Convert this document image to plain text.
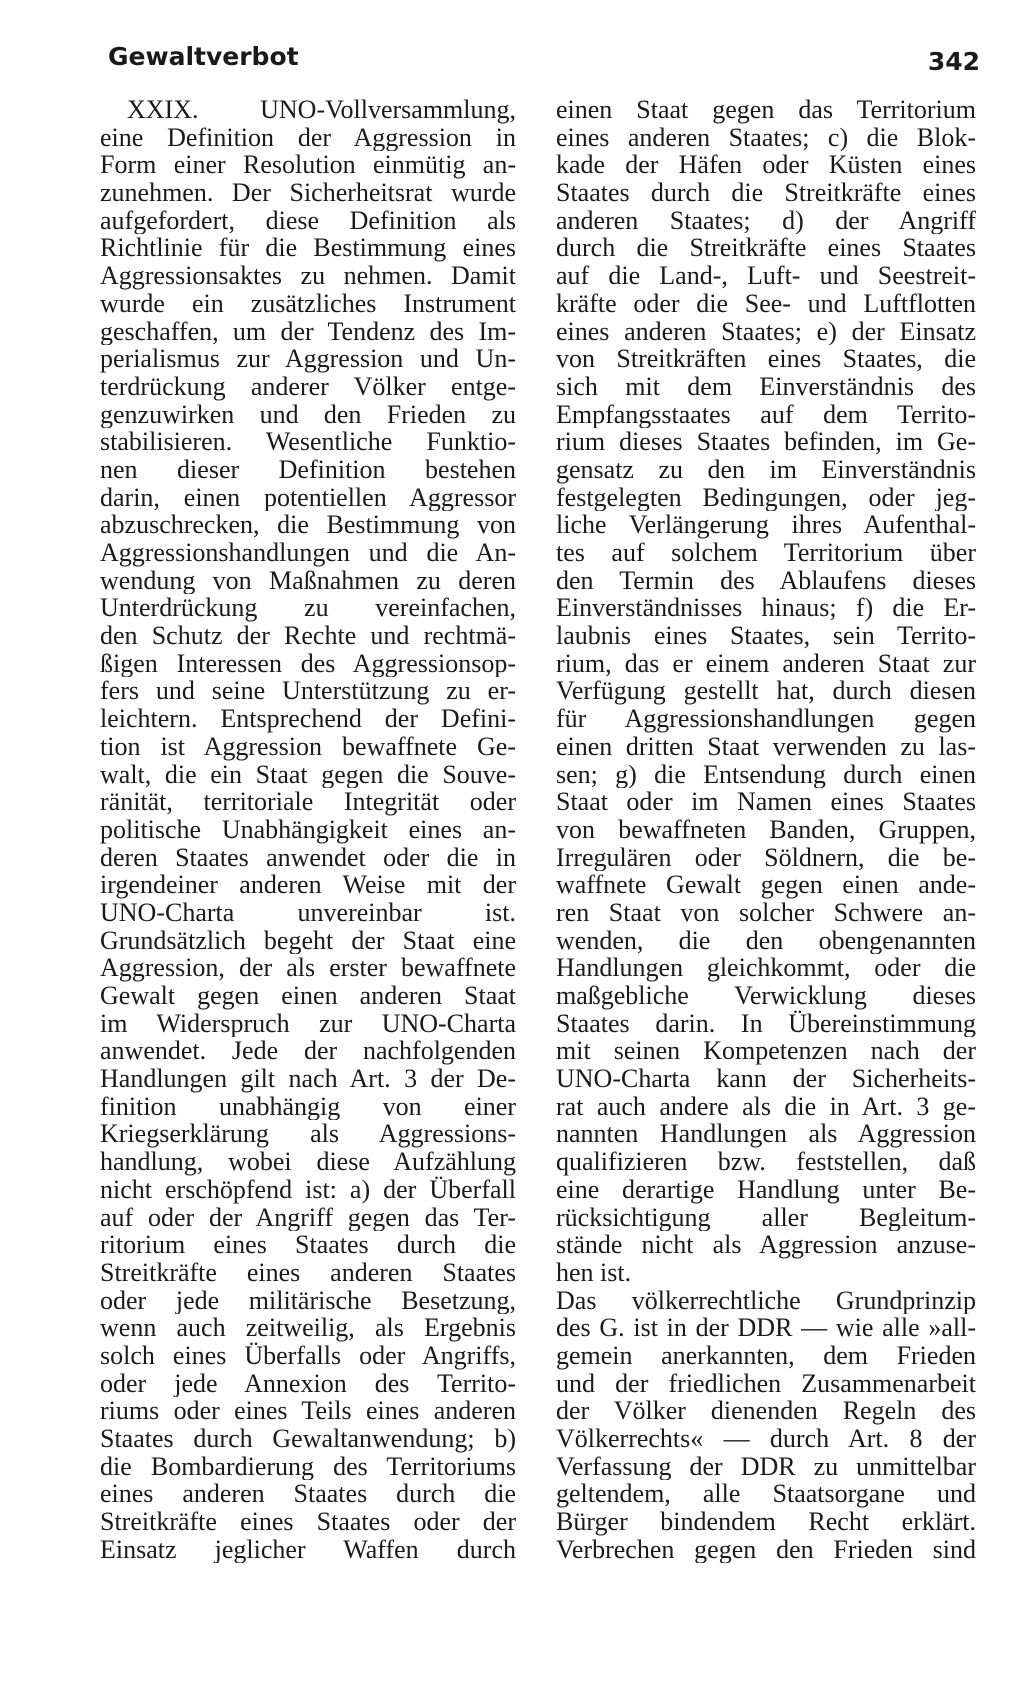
Gewaltverbot	342
XXIX. UNO-Vollversammlung,
eine Definition der Aggression in
Form einer Resolution einmütig an-
zunehmen. Der Sicherheitsrat wurde
aufgefordert, diese Definition als
Richtlinie für die Bestimmung eines
Aggressionsaktes zu nehmen. Damit
wurde ein zusätzliches Instrument
geschaffen, um der Tendenz des Im-
perialismus zur Aggression und Un-
terdrückung anderer Völker entge-
genzuwirken und den Frieden zu
stabilisieren. Wesentliche Funktio-
nen dieser Definition bestehen
darin, einen potentiellen Aggressor
abzuschrecken, die Bestimmung von
Aggressionshandlungen und die An-
wendung von Maßnahmen zu deren
Unterdrückung zu vereinfachen,
den Schutz der Rechte und rechtmä-
ßigen Interessen des Aggressionsop-
fers und seine Unterstützung zu er-
leichtern. Entsprechend der Defini-
tion ist Aggression bewaffnete Ge-
walt, die ein Staat gegen die Souve-
ränität, territoriale Integrität oder
politische Unabhängigkeit eines an-
deren Staates anwendet oder die in
irgendeiner anderen Weise mit der
UNO-Charta unvereinbar ist.
Grundsätzlich begeht der Staat eine
Aggression, der als erster bewaffnete
Gewalt gegen einen anderen Staat
im Widerspruch zur UNO-Charta
anwendet. Jede der nachfolgenden
Handlungen gilt nach Art. 3 der De-
finition unabhängig von einer
Kriegserklärung als Aggressions-
handlung, wobei diese Aufzählung
nicht erschöpfend ist: a) der Überfall
auf oder der Angriff gegen das Ter-
ritorium eines Staates durch die
Streitkräfte eines anderen Staates
oder jede militärische Besetzung,
wenn auch zeitweilig, als Ergebnis
solch eines Überfalls oder Angriffs,
oder jede Annexion des Territo-
riums oder eines Teils eines anderen
Staates durch Gewaltanwendung; b)
die Bombardierung des Territoriums
eines anderen Staates durch die
Streitkräfte eines Staates oder der
Einsatz jeglicher Waffen durch
einen Staat gegen das Territorium
eines anderen Staates; c) die Blok-
kade der Häfen oder Küsten eines
Staates durch die Streitkräfte eines
anderen Staates; d) der Angriff
durch die Streitkräfte eines Staates
auf die Land-, Luft- und Seestreit-
kräfte oder die See- und Luftflotten
eines anderen Staates; e) der Einsatz
von Streitkräften eines Staates, die
sich mit dem Einverständnis des
Empfangsstaates auf dem Territo-
rium dieses Staates befinden, im Ge-
gensatz zu den im Einverständnis
festgelegten Bedingungen, oder jeg-
liche Verlängerung ihres Aufenthal-
tes auf solchem Territorium über
den Termin des Ablaufens dieses
Einverständnisses hinaus; f) die Er-
laubnis eines Staates, sein Territo-
rium, das er einem anderen Staat zur
Verfügung gestellt hat, durch diesen
für Aggressionshandlungen gegen
einen dritten Staat verwenden zu las-
sen; g) die Entsendung durch einen
Staat oder im Namen eines Staates
von bewaffneten Banden, Gruppen,
Irregulären oder Söldnern, die be-
waffnete Gewalt gegen einen ande-
ren Staat von solcher Schwere an-
wenden, die den obengenannten
Handlungen gleichkommt, oder die
maßgebliche Verwicklung dieses
Staates darin. In Übereinstimmung
mit seinen Kompetenzen nach der
UNO-Charta kann der Sicherheits-
rat auch andere als die in Art. 3 ge-
nannten Handlungen als Aggression
qualifizieren bzw. feststellen, daß
eine derartige Handlung unter Be-
rücksichtigung aller Begleitum-
stände nicht als Aggression anzuse-
hen ist.
Das völkerrechtliche Grundprinzip
des G. ist in der DDR — wie alle »all-
gemein anerkannten, dem Frieden
und der friedlichen Zusammenarbeit
der Völker dienenden Regeln des
Völkerrechts« — durch Art. 8 der
Verfassung der DDR zu unmittelbar
geltendem, alle Staatsorgane und
Bürger bindendem Recht erklärt.
Verbrechen gegen den Frieden sind
